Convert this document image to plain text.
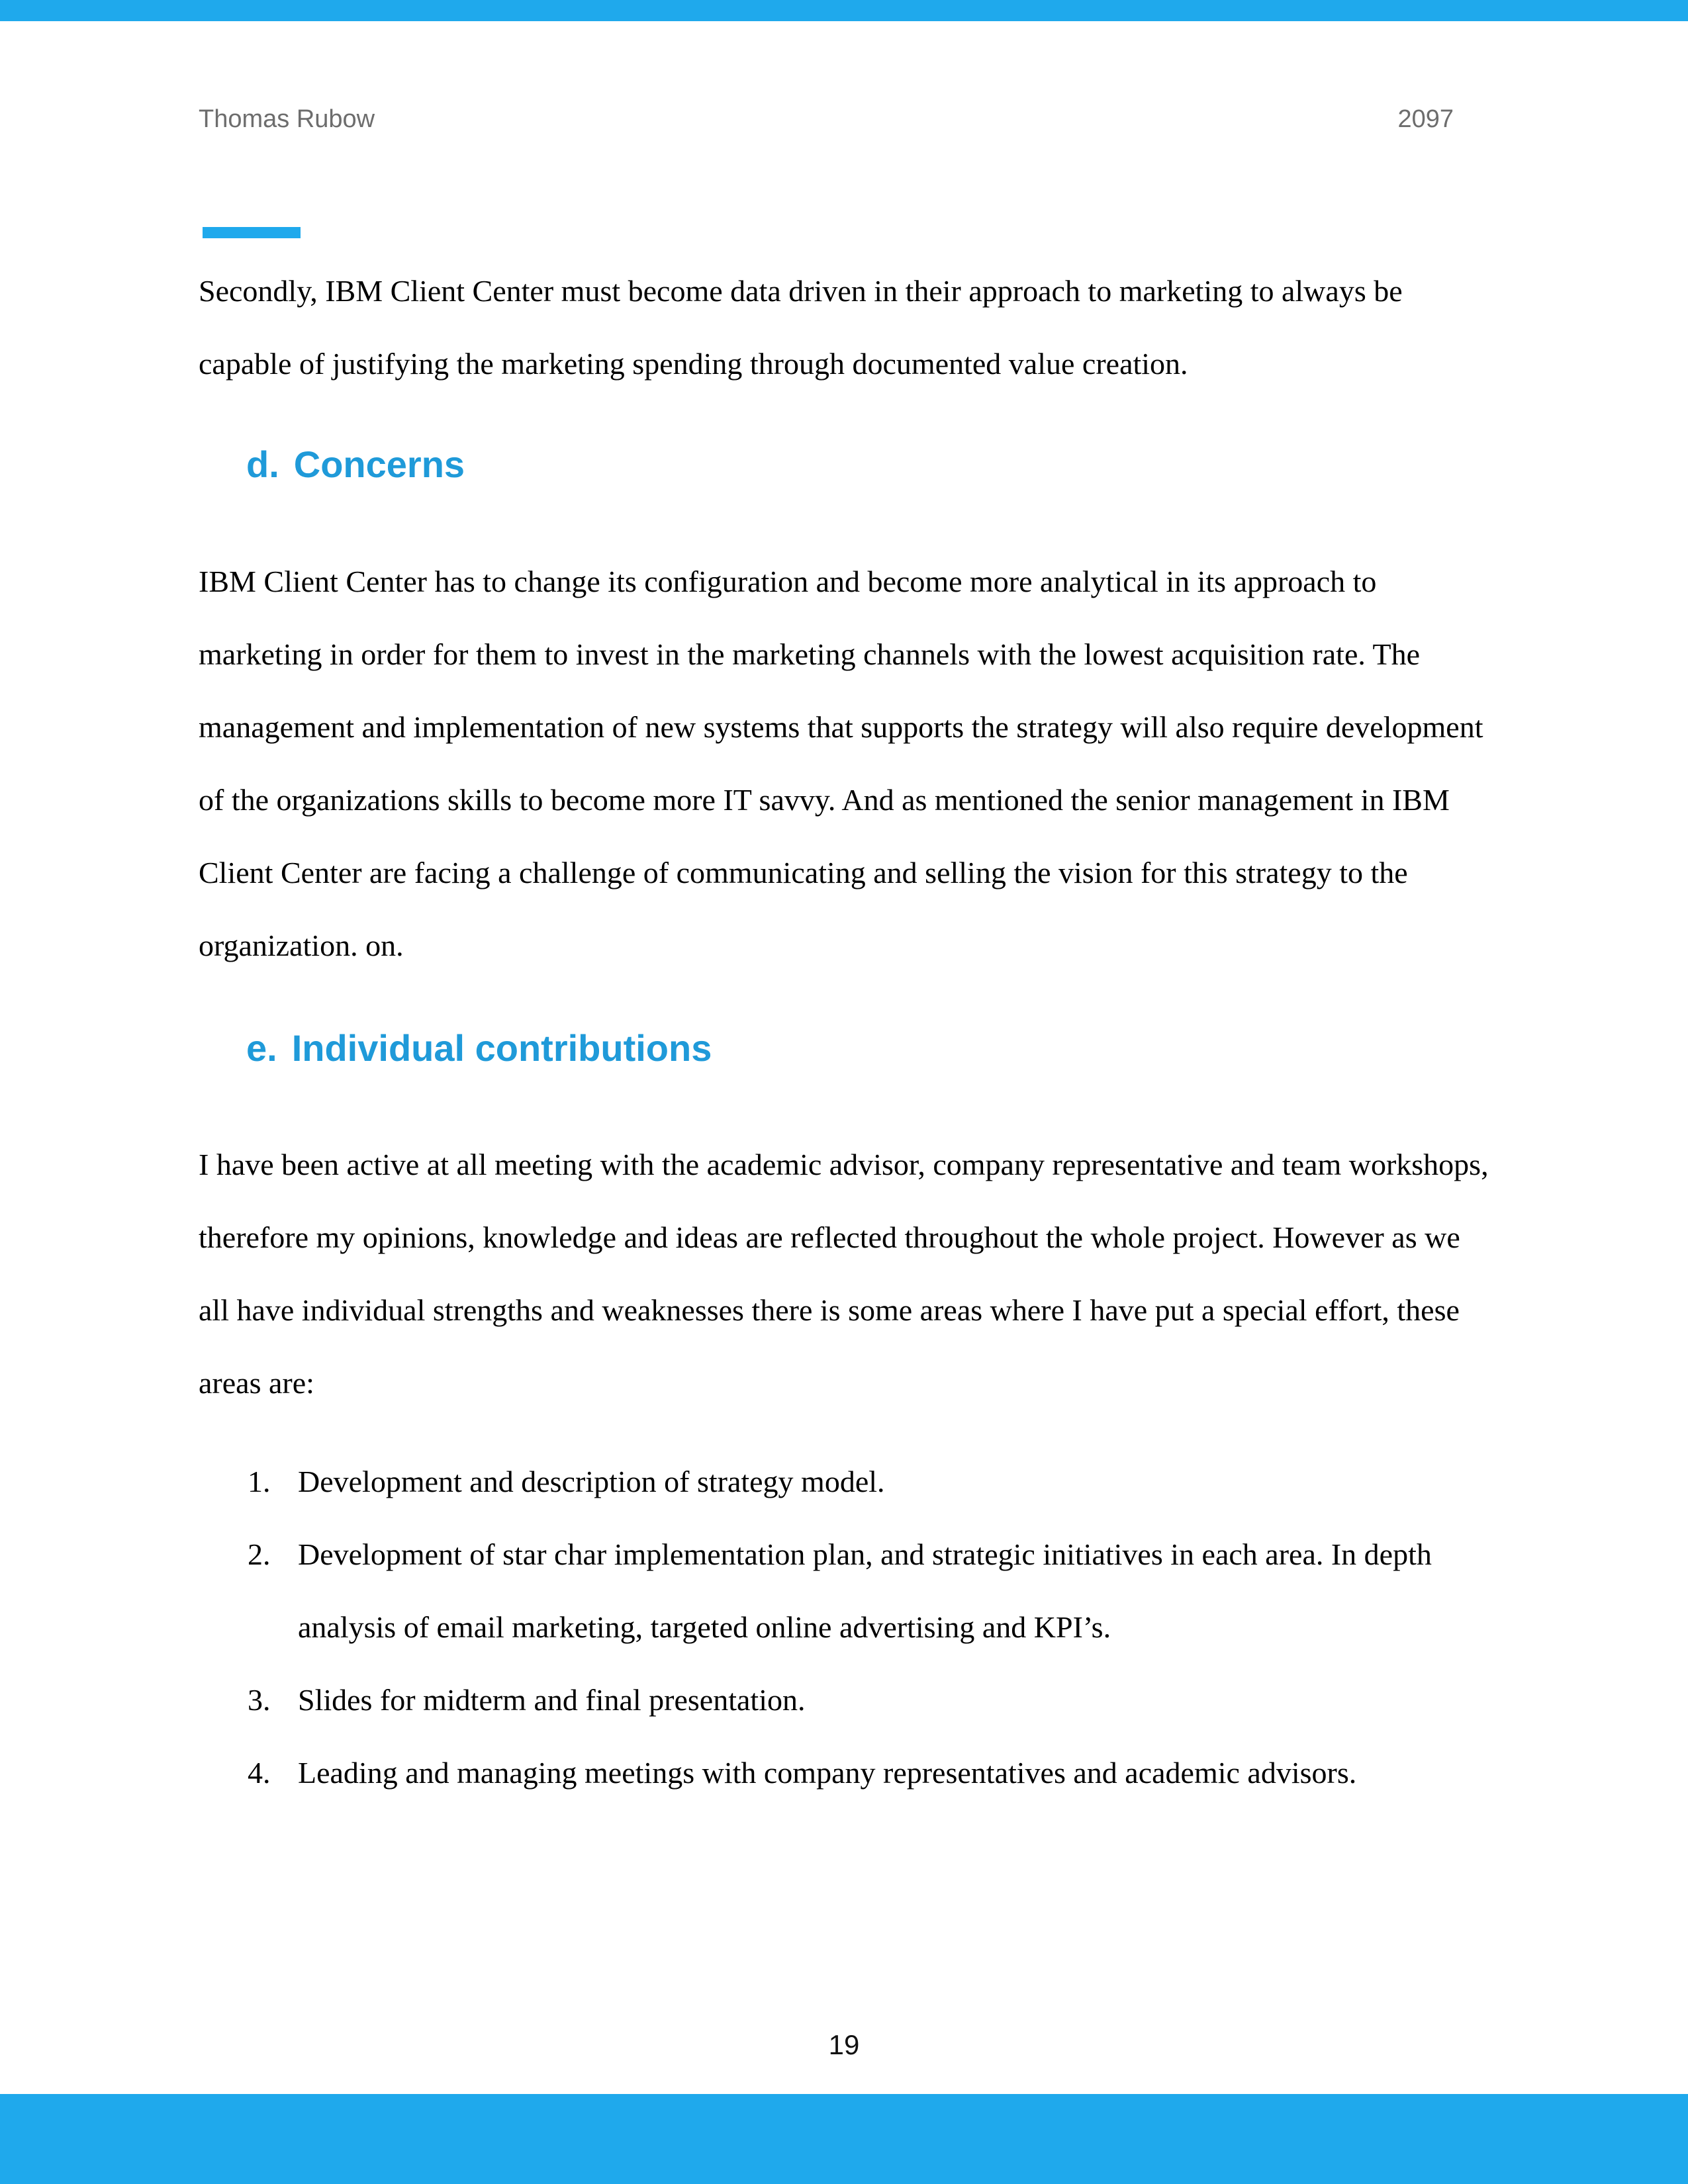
Thomas Rubow	2097

Secondly, IBM Client Center must become data driven in their approach to marketing to always be capable of justifying the marketing spending through documented value creation.

d. Concerns

IBM Client Center has to change its configuration and become more analytical in its approach to marketing in order for them to invest in the marketing channels with the lowest acquisition rate. The management and implementation of new systems that supports the strategy will also require development of the organizations skills to become more IT savvy. And as mentioned the senior management in IBM Client Center are facing a challenge of communicating and selling the vision for this strategy to the organization. on.

e. Individual contributions

I have been active at all meeting with the academic advisor, company representative and team workshops, therefore my opinions, knowledge and ideas are reflected throughout the whole project. However as we all have individual strengths and weaknesses there is some areas where I have put a special effort, these areas are:

1. Development and description of strategy model.
2. Development of star char implementation plan, and strategic initiatives in each area. In depth analysis of email marketing, targeted online advertising and KPI’s.
3. Slides for midterm and final presentation.
4. Leading and managing meetings with company representatives and academic advisors.
19
